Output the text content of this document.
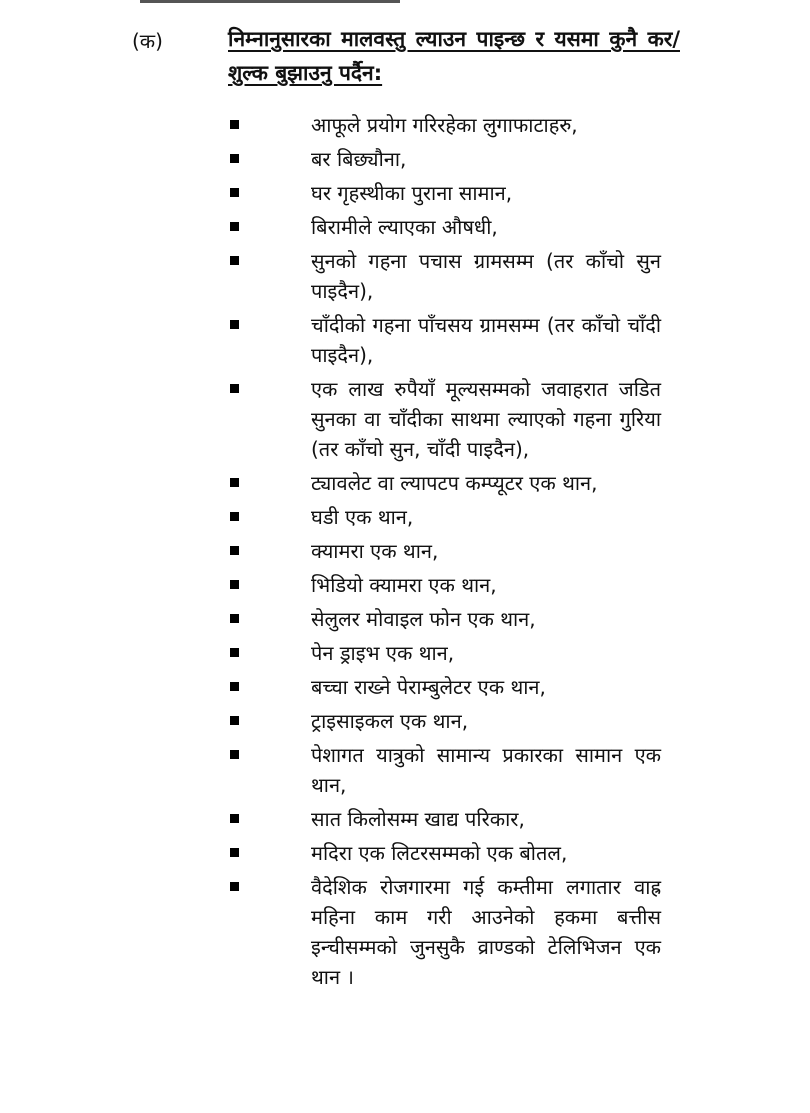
(क)	निम्नानुसारका मालवस्तु ल्याउन पाइन्छ र यसमा कुनै कर/शुल्क बुझाउनु पर्दैन:
आफूले प्रयोग गरिरहेका लुगाफाटाहरु,
बर बिछ्यौना,
घर गृहस्थीका पुराना सामान,
बिरामीले ल्याएका औषधी,
सुनको गहना पचास ग्रामसम्म (तर काँचो सुन पाइदैन),
चाँदीको गहना पाँचसय ग्रामसम्म (तर काँचो चाँदी पाइदैन),
एक लाख रुपैयाँ मूल्यसम्मको जवाहरात जडित सुनका वा चाँदीका साथमा ल्याएको गहना गुरिया (तर काँचो सुन, चाँदी पाइदैन),
ट्यावलेट वा ल्यापटप कम्प्यूटर एक थान,
घडी एक थान,
क्यामरा एक थान,
भिडियो क्यामरा एक थान,
सेलुलर मोवाइल फोन एक थान,
पेन ड्राइभ एक थान,
बच्चा राख्ने पेराम्बुलेटर एक थान,
ट्राइसाइकल एक थान,
पेशागत यात्रुको सामान्य प्रकारका सामान एक थान,
सात किलोसम्म खाद्य परिकार,
मदिरा एक लिटरसम्मको एक बोतल,
वैदेशिक रोजगारमा गई कम्तीमा लगातार वाह्र महिना काम गरी आउनेको हकमा बत्तीस इन्चीसम्मको जुनसुकै व्राण्डको टेलिभिजन एक थान ।
